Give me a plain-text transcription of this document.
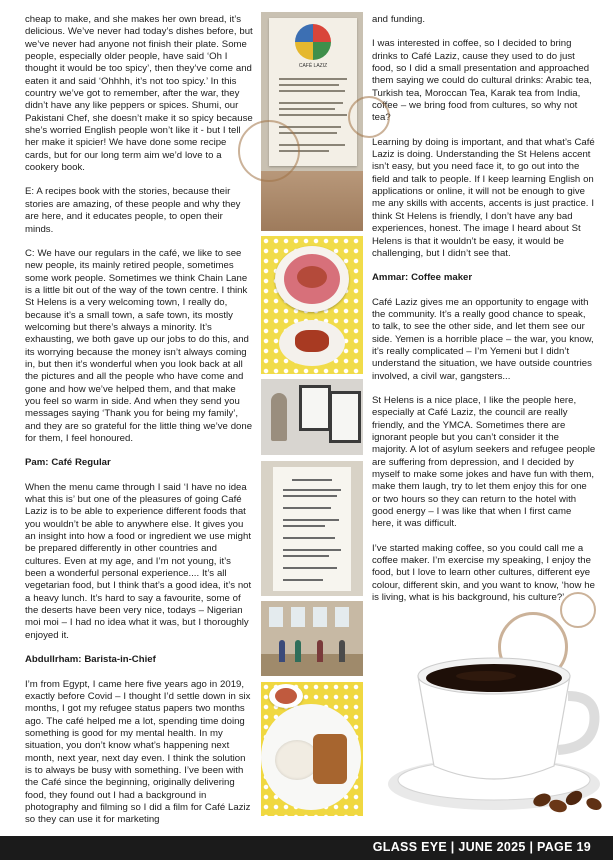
cheap to make, and she makes her own bread, it’s delicious. We’ve never had today’s dishes before, but we’ve never had anyone not finish their plate. Some people, especially older people, have said ‘Oh I thought it would be too spicy’, then they’ve come and eaten it and said ‘Ohhhh, it’s not too spicy.’ In this country we’ve got to remember, after the war, they didn’t have any like peppers or spices. Shumi, our Pakistani Chef, she doesn’t make it so spicy because she’s worried English people won’t like it - but I tell her make it spicier! We have done some recipe cards, but for our long term aim we’d love to a cookery book.

E: A recipes book with the stories, because their stories are amazing, of these people and why they are here, and it educates people, to open their minds.

C: We have our regulars in the café, we like to see new people, its mainly retired people, sometimes some work people. Sometimes we think Chain Lane is a little bit out of the way of the town centre. I think St Helens is a very welcoming town, I really do, because it’s a small town, a safe town, its mostly welcoming but there’s always a minority. It’s exhausting, we both gave up our jobs to do this, and its worrying because the money isn’t always coming in, but then it’s wonderful when you look back at all the pictures and all the people who have come and gone and how we’ve helped them, and that make you feel so warm in side. And when they send you messages saying ‘Thank you for being my family’, and they are so grateful for the little thing we’ve done for them, I feel honoured.

Pam: Café Regular

When the menu came through I said ‘I have no idea what this is’ but one of the pleasures of going Café Laziz is to be able to experience different foods that you wouldn’t be able to anywhere else. It gives you an insight into how a food or ingredient we use might be prepared differently in other countries and cultures. Even at my age, and I’m not young, it’s been a wonderful personal experience.... It’s all vegetarian food, but I think that’s a good idea, it’s not a heavy lunch. It’s hard to say a favourite, some of the deserts have been very nice, todays – Nigerian moi moi – I had no idea what it was, but I thoroughly enjoyed it.

Abdullrham: Barista-in-Chief

I’m from Egypt, I came here five years ago in 2019, exactly before Covid – I thought I’d settle down in six months, I got my refugee status papers two months ago. The café helped me a lot, spending time doing something is good for my mental health. In my situation, you don’t know what’s happening next month, next year, next day even. I think the solution is to always be busy with something. I’ve been with the Café since the beginning, originally delivering food, they found out I had a background in photography and filming so I did a film for Café Laziz so they can use it for marketing

CAFÉ LAZIZ

and funding.

I was interested in coffee, so I decided to bring drinks to Café Laziz, cause they used to do just food, so I did a small presentation and approached them saying we could do cultural drinks: Arabic tea, Turkish tea, Moroccan Tea, Karak tea from India, coffee – we bring food from cultures, so why not tea?

Learning by doing is important, and that what’s Café Laziz is doing. Understanding the St Helens accent isn’t easy, but you need face it, to go out into the field and talk to people. If I keep learning English on applications or online, it will not be enough to give me any skills with accents, accents is just practice. I think St Helens is friendly, I don’t have any bad experiences, honest. The image I heard about St Helens is that it wouldn’t be easy, it would be challenging, but I didn’t see that.

Ammar: Coffee maker

Café Laziz gives me an opportunity to engage with the community. It’s a really good chance to speak, to talk, to see the other side, and let them see our side. Yemen is a horrible place – the war, you know, it’s really complicated – I’m Yemeni but I didn’t understand the situation, we have outside countries involved, a civil war, gangsters...

St Helens is a nice place, I like the people here, especially at Café Laziz, the council are really friendly, and the YMCA. Sometimes there are ignorant people but you can’t consider it the majority. A lot of asylum seekers and refugee people are suffering from depression, and I decided by myself to make some jokes and have fun with them, make them laugh, try to let them enjoy this for one or two hours so they can return to the hotel with good energy – I was like that when I first came here, it was difficult.

I’ve started making coffee, so you could call me a coffee maker. I’m exercise my speaking, I enjoy the food, but I love to learn other cultures, different eye colour, different skin, and you want to know, ‘how he is living, what is his background, his culture?’

GLASS EYE | JUNE 2025 | PAGE 19
